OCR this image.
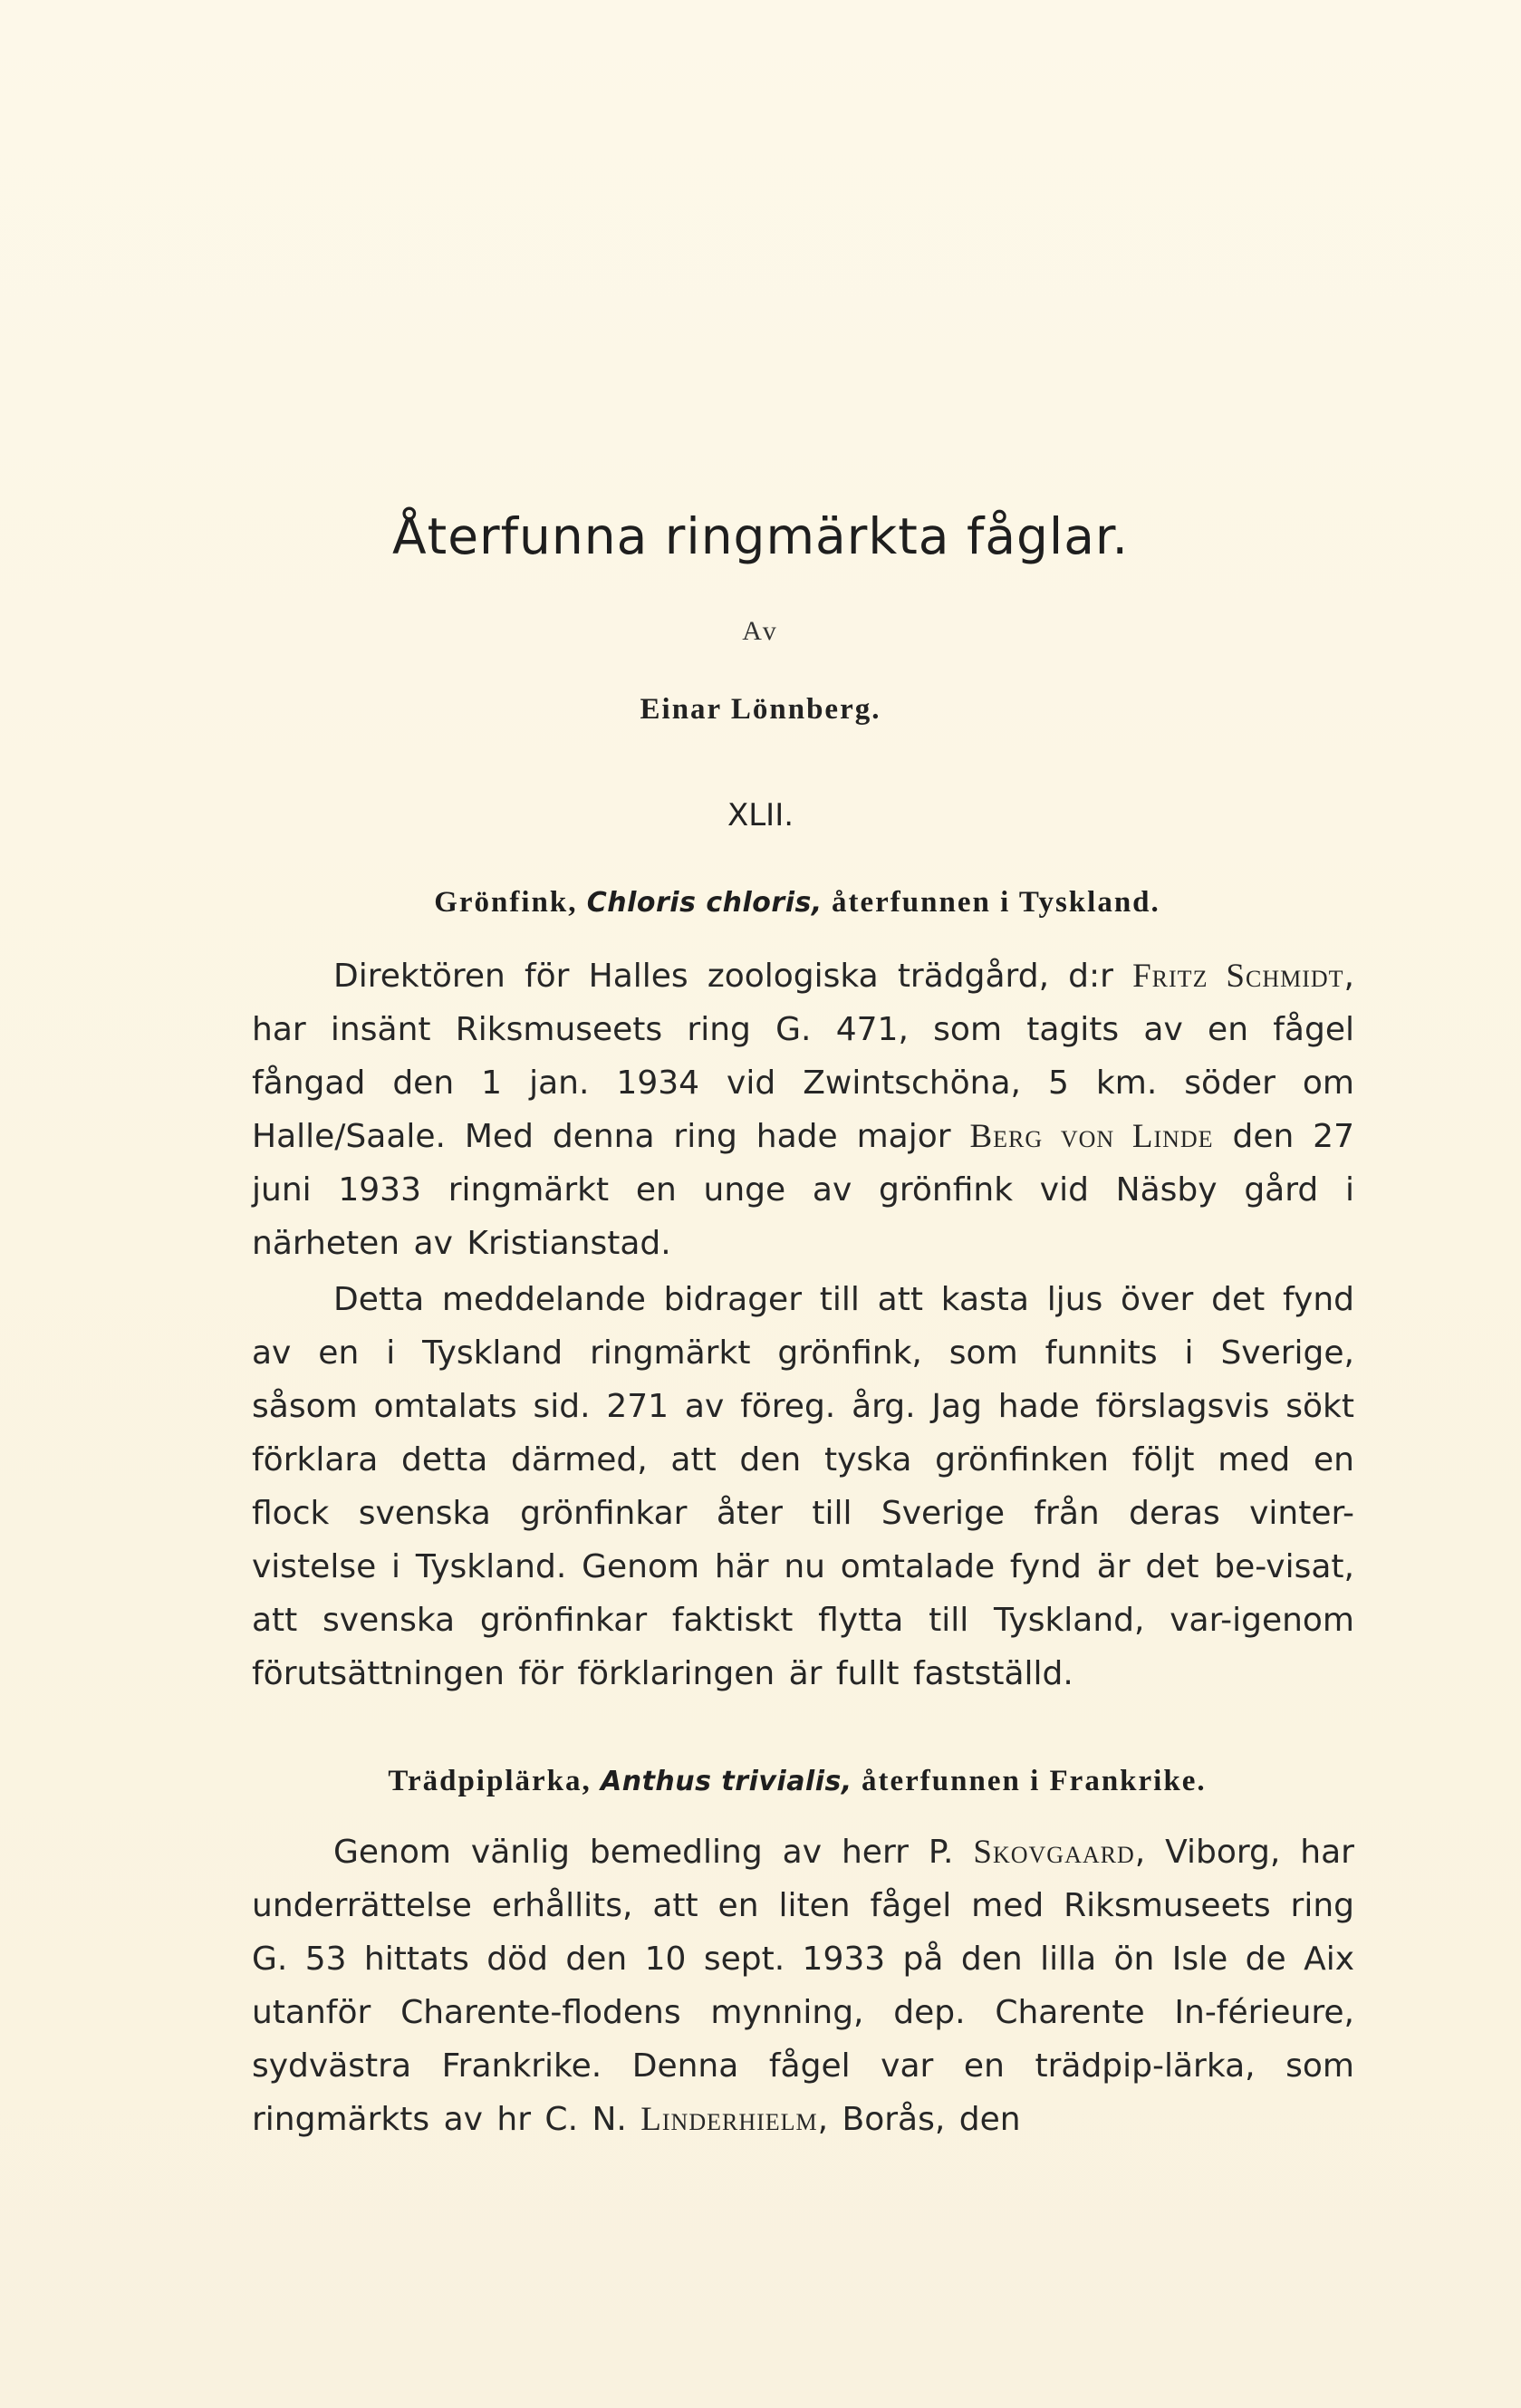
Återfunna ringmärkta fåglar.
Av
Einar Lönnberg.
XLII.
Grönfink, Chloris chloris, återfunnen i Tyskland.
Direktören för Halles zoologiska trädgård, d:r Fritz Schmidt, har insänt Riksmuseets ring G. 471, som tagits av en fågel fångad den 1 jan. 1934 vid Zwintschöna, 5 km. söder om Halle/Saale. Med denna ring hade major Berg von Linde den 27 juni 1933 ringmärkt en unge av grönfink vid Näsby gård i närheten av Kristianstad.
Detta meddelande bidrager till att kasta ljus över det fynd av en i Tyskland ringmärkt grönfink, som funnits i Sverige, såsom omtalats sid. 271 av föreg. årg. Jag hade förslagsvis sökt förklara detta därmed, att den tyska grönfinken följt med en flock svenska grönfinkar åter till Sverige från deras vinter-vistelse i Tyskland. Genom här nu omtalade fynd är det be-visat, att svenska grönfinkar faktiskt flytta till Tyskland, var-igenom förutsättningen för förklaringen är fullt fastställd.
Trädpiplärka, Anthus trivialis, återfunnen i Frankrike.
Genom vänlig bemedling av herr P. Skovgaard, Viborg, har underrättelse erhållits, att en liten fågel med Riksmuseets ring G. 53 hittats död den 10 sept. 1933 på den lilla ön Isle de Aix utanför Charente-flodens mynning, dep. Charente In-férieure, sydvästra Frankrike. Denna fågel var en trädpip-lärka, som ringmärkts av hr C. N. Linderhielm, Borås, den
